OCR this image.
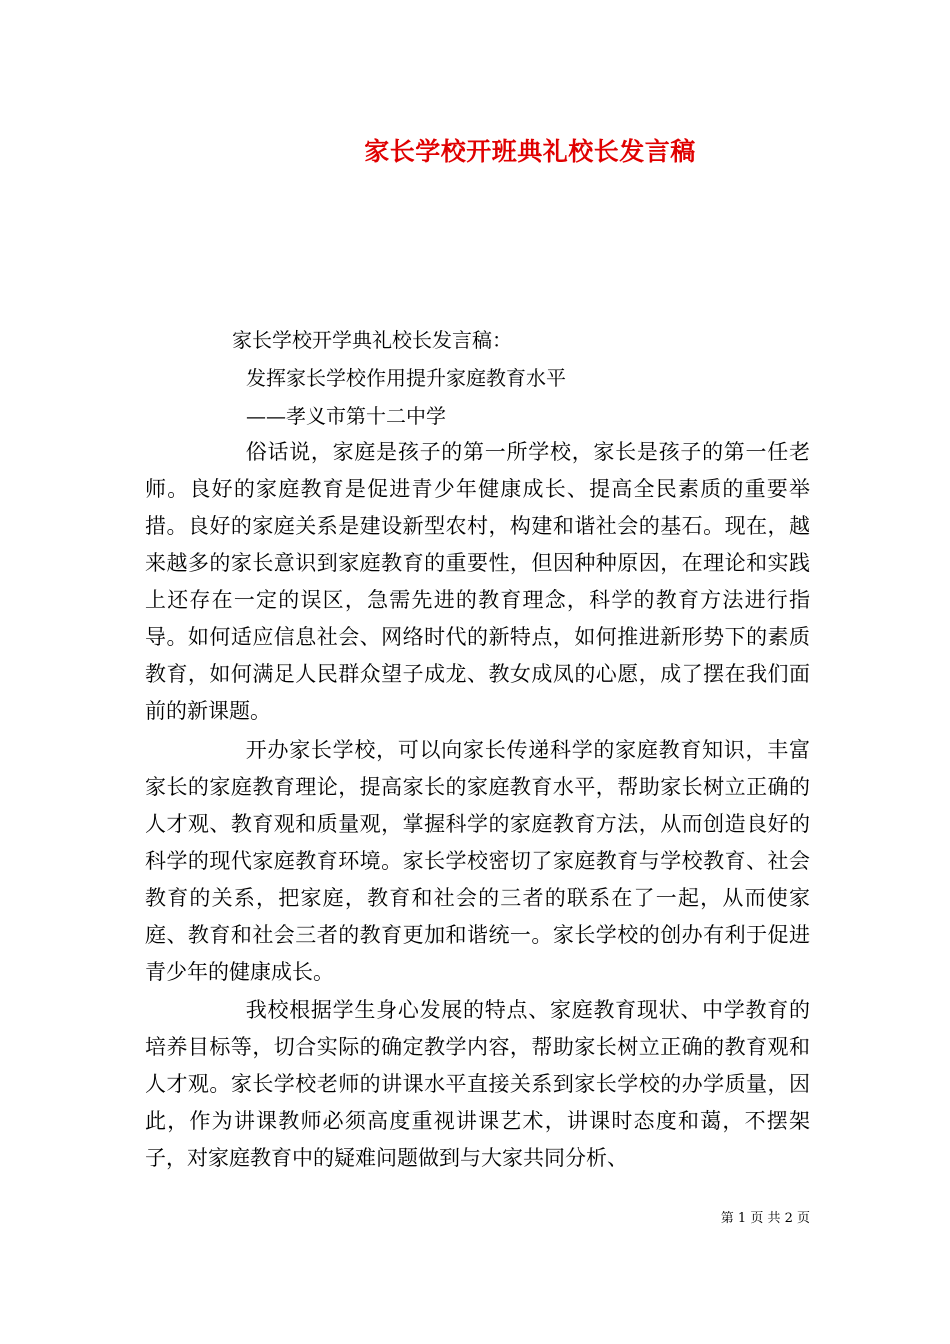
家长学校开班典礼校长发言稿
家长学校开学典礼校长发言稿：
发挥家长学校作用提升家庭教育水平
——孝义市第十二中学

俗话说，家庭是孩子的第一所学校，家长是孩子的第一任老师。良好的家庭教育是促进青少年健康成长、提高全民素质的重要举措。良好的家庭关系是建设新型农村，构建和谐社会的基石。现在，越来越多的家长意识到家庭教育的重要性，但因种种原因，在理论和实践上还存在一定的误区，急需先进的教育理念，科学的教育方法进行指导。如何适应信息社会、网络时代的新特点，如何推进新形势下的素质教育，如何满足人民群众望子成龙、教女成凤的心愿，成了摆在我们面前的新课题。

开办家长学校，可以向家长传递科学的家庭教育知识，丰富家长的家庭教育理论，提高家长的家庭教育水平，帮助家长树立正确的人才观、教育观和质量观，掌握科学的家庭教育方法，从而创造良好的科学的现代家庭教育环境。家长学校密切了家庭教育与学校教育、社会教育的关系，把家庭，教育和社会的三者的联系在了一起，从而使家庭、教育和社会三者的教育更加和谐统一。家长学校的创办有利于促进青少年的健康成长。

我校根据学生身心发展的特点、家庭教育现状、中学教育的培养目标等，切合实际的确定教学内容，帮助家长树立正确的教育观和人才观。家长学校老师的讲课水平直接关系到家长学校的办学质量，因此，作为讲课教师必须高度重视讲课艺术，讲课时态度和蔼，不摆架子，对家庭教育中的疑难问题做到与大家共同分析、

第 1 页 共 2 页
